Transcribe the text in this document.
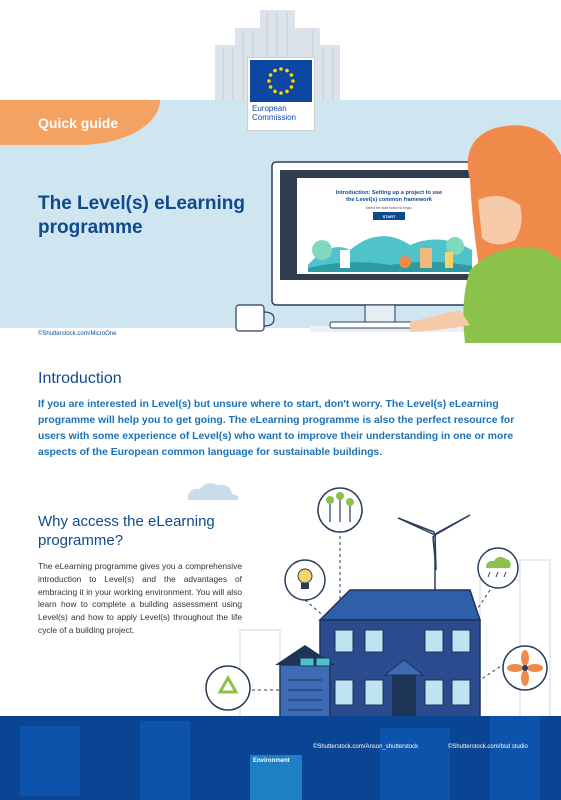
European
Commission
Quick guide
The Level(s) eLearning programme
©Shutterstock.com/MicroOne
Introduction: Setting up a project to use
the Level(s) common framework
Select the start button to begin.
START
Introduction
If you are interested in Level(s) but unsure where to start, don't worry. The Level(s) eLearning programme will help you to get going. The eLearning programme is also the perfect resource for users with some experience of Level(s) who want to improve their understanding in one or more aspects of the European common language for sustainable buildings.
Why access the eLearning programme?
The eLearning programme gives you a comprehensive introduction to Level(s) and the advantages of embracing it in your working environment. You will also learn how to complete a building assessment using Level(s) and how to apply Level(s) throughout the life cycle of a building project.
©Shutterstock.com/Anson_shutterstock	©Shutterstock.com/bsd studio
Environment
